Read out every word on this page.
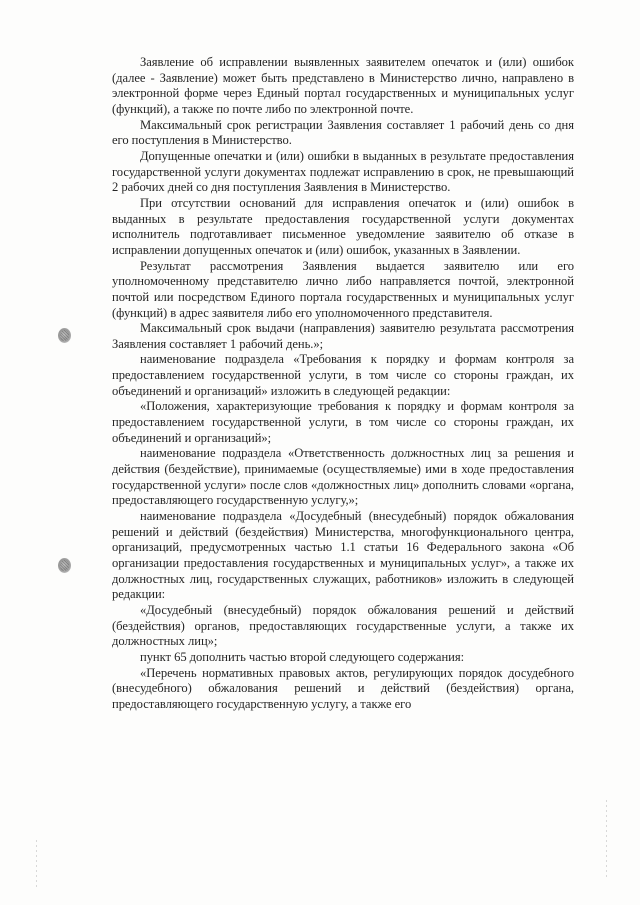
Заявление об исправлении выявленных заявителем опечаток и (или) ошибок (далее - Заявление) может быть представлено в Министерство лично, направлено в электронной форме через Единый портал государственных и муниципальных услуг (функций), а также по почте либо по электронной почте.

Максимальный срок регистрации Заявления составляет 1 рабочий день со дня его поступления в Министерство.

Допущенные опечатки и (или) ошибки в выданных в результате предоставления государственной услуги документах подлежат исправлению в срок, не превышающий 2 рабочих дней со дня поступления Заявления в Министерство.

При отсутствии оснований для исправления опечаток и (или) ошибок в выданных в результате предоставления государственной услуги документах исполнитель подготавливает письменное уведомление заявителю об отказе в исправлении допущенных опечаток и (или) ошибок, указанных в Заявлении.

Результат рассмотрения Заявления выдается заявителю или его уполномоченному представителю лично либо направляется почтой, электронной почтой или посредством Единого портала государственных и муниципальных услуг (функций) в адрес заявителя либо его уполномоченного представителя.

Максимальный срок выдачи (направления) заявителю результата рассмотрения Заявления составляет 1 рабочий день.»;

наименование подраздела «Требования к порядку и формам контроля за предоставлением государственной услуги, в том числе со стороны граждан, их объединений и организаций» изложить в следующей редакции:

«Положения, характеризующие требования к порядку и формам контроля за предоставлением государственной услуги, в том числе со стороны граждан, их объединений и организаций»;

наименование подраздела «Ответственность должностных лиц за решения и действия (бездействие), принимаемые (осуществляемые) ими в ходе предоставления государственной услуги» после слов «должностных лиц» дополнить словами «органа, предоставляющего государственную услугу,»;

наименование подраздела «Досудебный (внесудебный) порядок обжалования решений и действий (бездействия) Министерства, многофункционального центра, организаций, предусмотренных частью 1.1 статьи 16 Федерального закона «Об организации предоставления государственных и муниципальных услуг», а также их должностных лиц, государственных служащих, работников» изложить в следующей редакции:

«Досудебный (внесудебный) порядок обжалования решений и действий (бездействия) органов, предоставляющих государственные услуги, а также их должностных лиц»;

пункт 65 дополнить частью второй следующего содержания:

«Перечень нормативных правовых актов, регулирующих порядок досудебного (внесудебного) обжалования решений и действий (бездействия) органа, предоставляющего государственную услугу, а также его
